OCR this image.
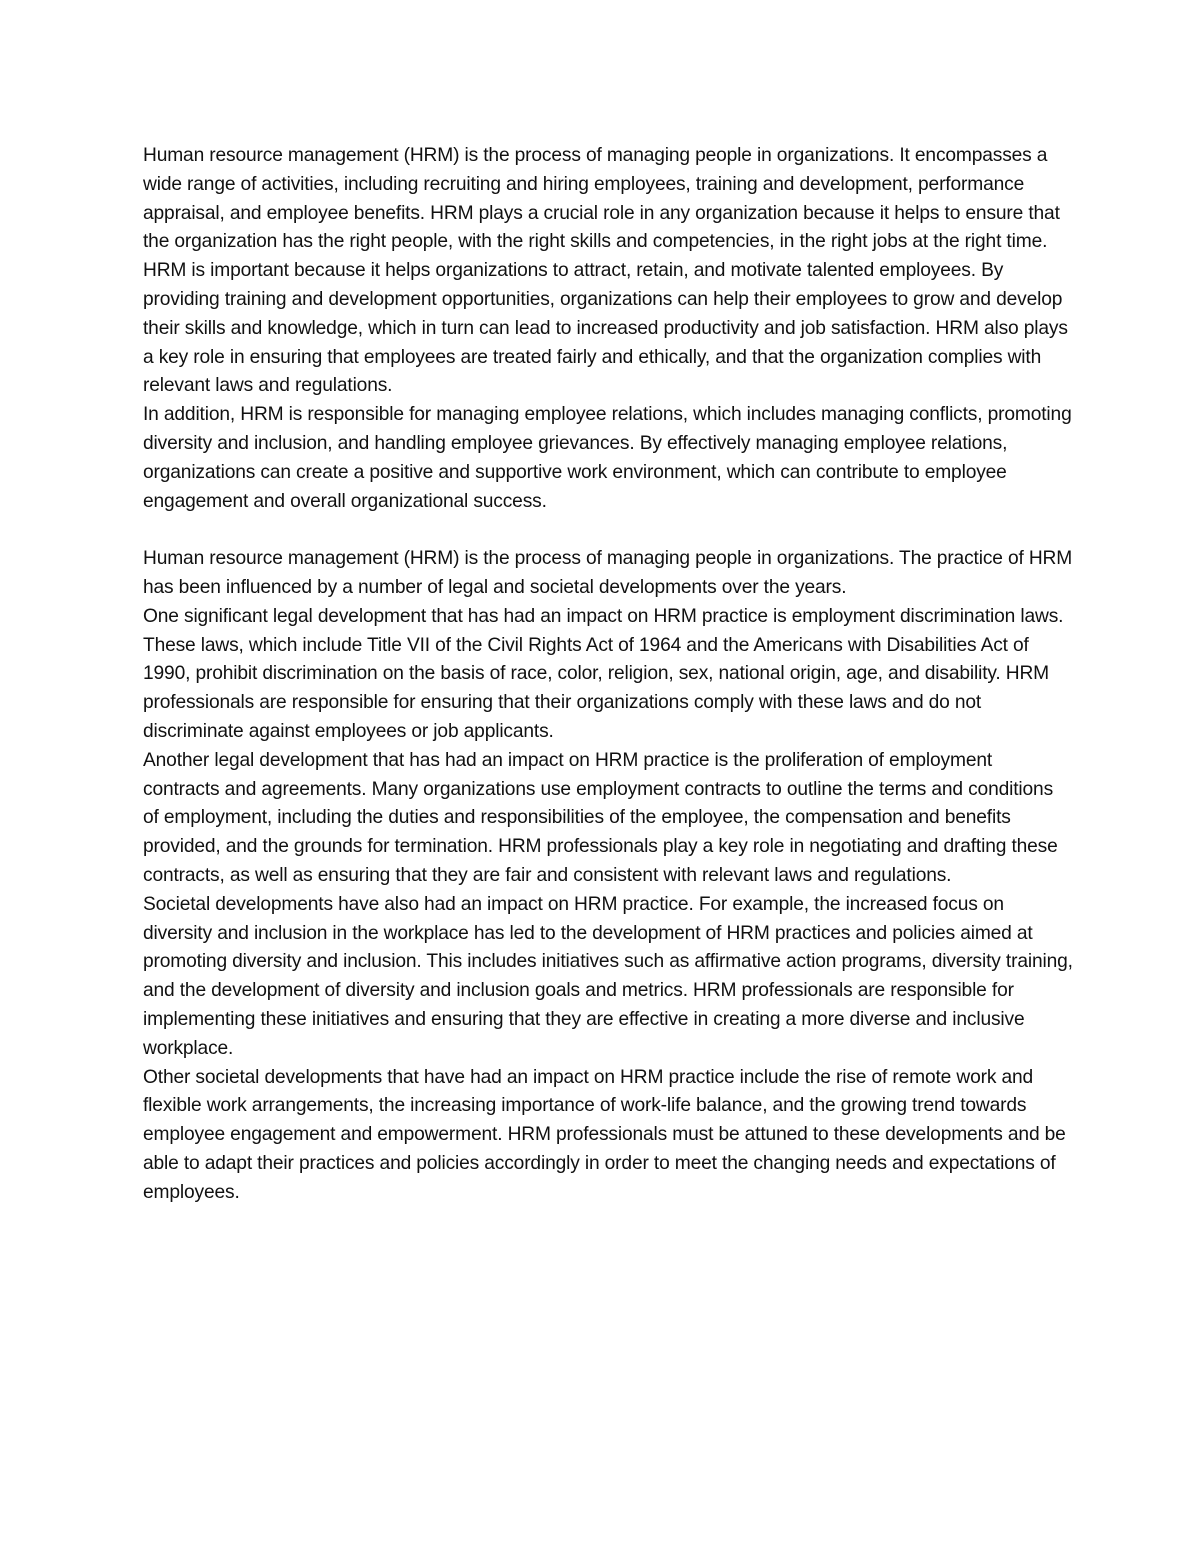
Human resource management (HRM) is the process of managing people in organizations. It encompasses a wide range of activities, including recruiting and hiring employees, training and development, performance appraisal, and employee benefits. HRM plays a crucial role in any organization because it helps to ensure that the organization has the right people, with the right skills and competencies, in the right jobs at the right time.

HRM is important because it helps organizations to attract, retain, and motivate talented employees. By providing training and development opportunities, organizations can help their employees to grow and develop their skills and knowledge, which in turn can lead to increased productivity and job satisfaction. HRM also plays a key role in ensuring that employees are treated fairly and ethically, and that the organization complies with relevant laws and regulations.

In addition, HRM is responsible for managing employee relations, which includes managing conflicts, promoting diversity and inclusion, and handling employee grievances. By effectively managing employee relations, organizations can create a positive and supportive work environment, which can contribute to employee engagement and overall organizational success.

Human resource management (HRM) is the process of managing people in organizations. The practice of HRM has been influenced by a number of legal and societal developments over the years.

One significant legal development that has had an impact on HRM practice is employment discrimination laws. These laws, which include Title VII of the Civil Rights Act of 1964 and the Americans with Disabilities Act of 1990, prohibit discrimination on the basis of race, color, religion, sex, national origin, age, and disability. HRM professionals are responsible for ensuring that their organizations comply with these laws and do not discriminate against employees or job applicants.

Another legal development that has had an impact on HRM practice is the proliferation of employment contracts and agreements. Many organizations use employment contracts to outline the terms and conditions of employment, including the duties and responsibilities of the employee, the compensation and benefits provided, and the grounds for termination. HRM professionals play a key role in negotiating and drafting these contracts, as well as ensuring that they are fair and consistent with relevant laws and regulations.

Societal developments have also had an impact on HRM practice. For example, the increased focus on diversity and inclusion in the workplace has led to the development of HRM practices and policies aimed at promoting diversity and inclusion. This includes initiatives such as affirmative action programs, diversity training, and the development of diversity and inclusion goals and metrics. HRM professionals are responsible for implementing these initiatives and ensuring that they are effective in creating a more diverse and inclusive workplace.

Other societal developments that have had an impact on HRM practice include the rise of remote work and flexible work arrangements, the increasing importance of work-life balance, and the growing trend towards employee engagement and empowerment. HRM professionals must be attuned to these developments and be able to adapt their practices and policies accordingly in order to meet the changing needs and expectations of employees.
